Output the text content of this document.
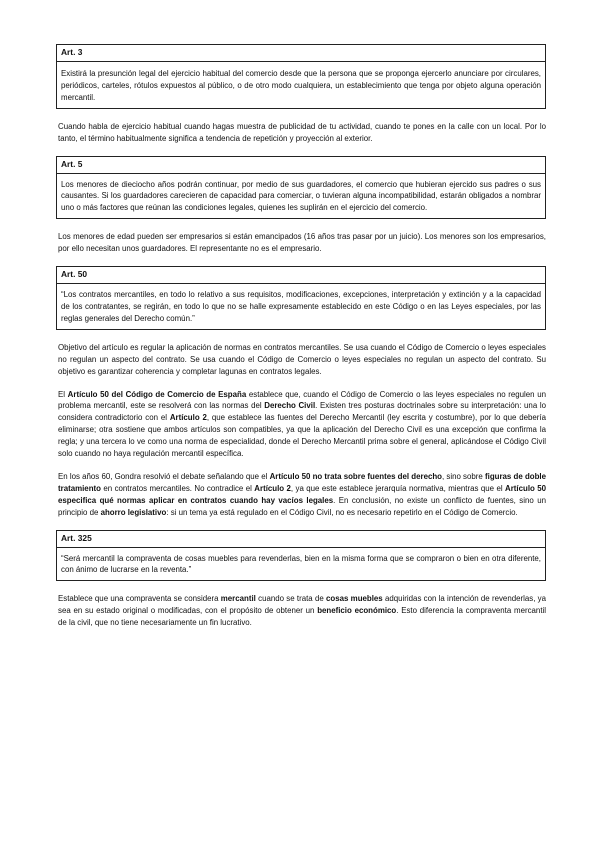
Art. 3
Existirá la presunción legal del ejercicio habitual del comercio desde que la persona que se proponga ejercerlo anunciare por circulares, periódicos, carteles, rótulos expuestos al público, o de otro modo cualquiera, un establecimiento que tenga por objeto alguna operación mercantil.

Cuando habla de ejercicio habitual cuando hagas muestra de publicidad de tu actividad, cuando te pones en la calle con un local. Por lo tanto, el término habitualmente significa a tendencia de repetición y proyección al exterior.

Art. 5
Los menores de dieciocho años podrán continuar, por medio de sus guardadores, el comercio que hubieran ejercido sus padres o sus causantes. Si los guardadores carecieren de capacidad para comerciar, o tuvieran alguna incompatibilidad, estarán obligados a nombrar uno o más factores que reúnan las condiciones legales, quienes les suplirán en el ejercicio del comercio.

Los menores de edad pueden ser empresarios si están emancipados (16 años tras pasar por un juicio). Los menores son los empresarios, por ello necesitan unos guardadores. El representante no es el empresario.

Art. 50
“Los contratos mercantiles, en todo lo relativo a sus requisitos, modificaciones, excepciones, interpretación y extinción y a la capacidad de los contratantes, se regirán, en todo lo que no se halle expresamente establecido en este Código o en las Leyes especiales, por las reglas generales del Derecho común.”

Objetivo del artículo es regular la aplicación de normas en contratos mercantiles. Se usa cuando el Código de Comercio o leyes especiales no regulan un aspecto del contrato. Se usa cuando el Código de Comercio o leyes especiales no regulan un aspecto del contrato. Su objetivo es garantizar coherencia y completar lagunas en contratos legales.

El Artículo 50 del Código de Comercio de España establece que, cuando el Código de Comercio o las leyes especiales no regulen un problema mercantil, este se resolverá con las normas del Derecho Civil. Existen tres posturas doctrinales sobre su interpretación: una lo considera contradictorio con el Artículo 2, que establece las fuentes del Derecho Mercantil (ley escrita y costumbre), por lo que debería eliminarse; otra sostiene que ambos artículos son compatibles, ya que la aplicación del Derecho Civil es una excepción que confirma la regla; y una tercera lo ve como una norma de especialidad, donde el Derecho Mercantil prima sobre el general, aplicándose el Código Civil solo cuando no haya regulación mercantil específica.

En los años 60, Gondra resolvió el debate señalando que el Artículo 50 no trata sobre fuentes del derecho, sino sobre figuras de doble tratamiento en contratos mercantiles. No contradice el Artículo 2, ya que este establece jerarquía normativa, mientras que el Artículo 50 especifica qué normas aplicar en contratos cuando hay vacíos legales. En conclusión, no existe un conflicto de fuentes, sino un principio de ahorro legislativo: si un tema ya está regulado en el Código Civil, no es necesario repetirlo en el Código de Comercio.

Art. 325
“Será mercantil la compraventa de cosas muebles para revenderlas, bien en la misma forma que se compraron o bien en otra diferente, con ánimo de lucrarse en la reventa.”

Establece que una compraventa se considera mercantil cuando se trata de cosas muebles adquiridas con la intención de revenderlas, ya sea en su estado original o modificadas, con el propósito de obtener un beneficio económico. Esto diferencia la compraventa mercantil de la civil, que no tiene necesariamente un fin lucrativo.
